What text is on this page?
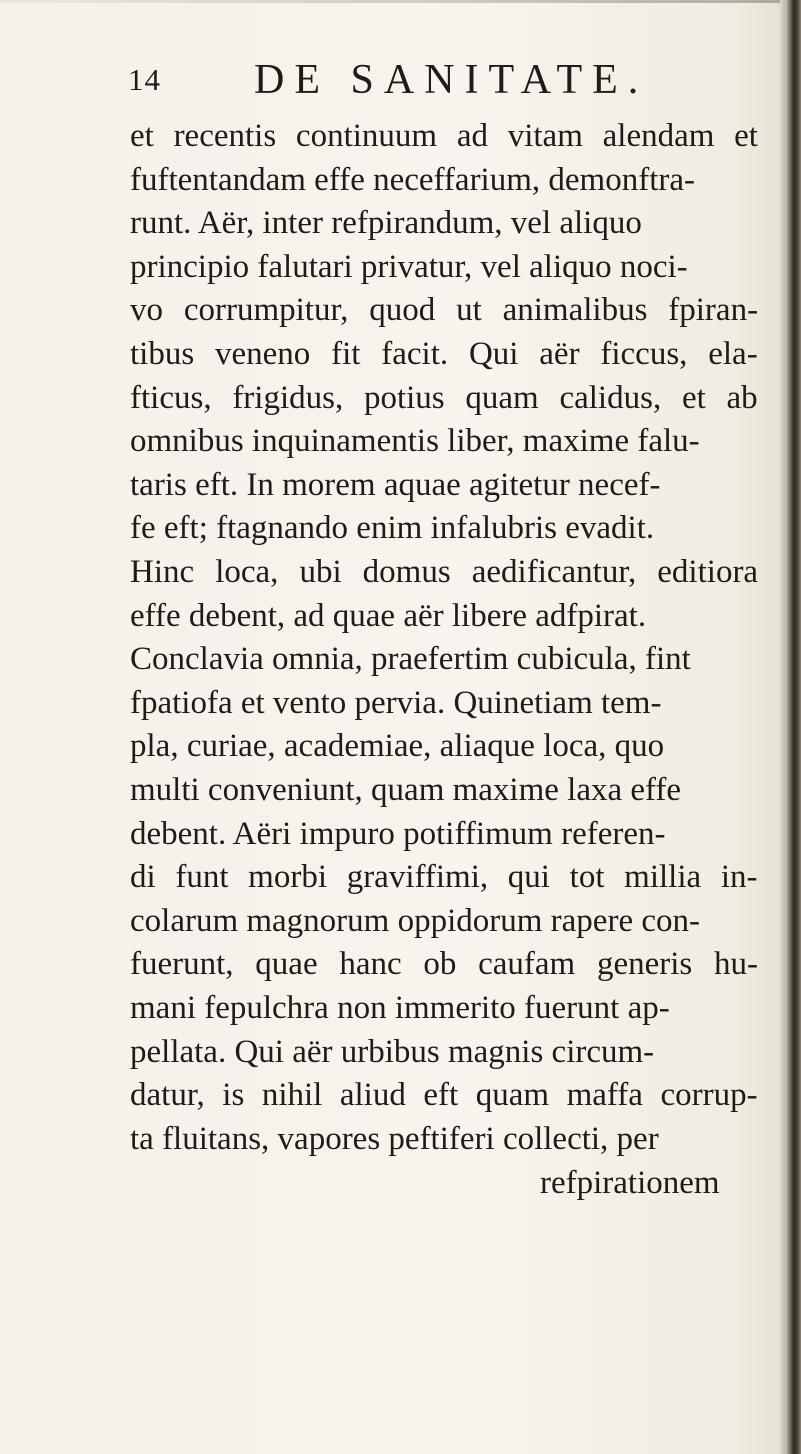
14 DE SANITATE.
et recentis continuum ad vitam alendam et
fuftentandam effe neceffarium, demonftra-
runt. Aër, inter refpirandum, vel aliquo
principio falutari privatur, vel aliquo noci-
vo corrumpitur, quod ut animalibus fpiran-
tibus veneno fit facit. Qui aër ficcus, ela-
fticus, frigidus, potius quam calidus, et ab
omnibus inquinamentis liber, maxime falu-
taris eft. In morem aquae agitetur necef-
fe eft; ftagnando enim infalubris evadit.
Hinc loca, ubi domus aedificantur, editiora
effe debent, ad quae aër libere adfpirat.
Conclavia omnia, praefertim cubicula, fint
fpatiofa et vento pervia. Quinetiam tem-
pla, curiae, academiae, aliaque loca, quo
multi conveniunt, quam maxime laxa effe
debent. Aëri impuro potiffimum referen-
di funt morbi graviffimi, qui tot millia in-
colarum magnorum oppidorum rapere con-
fuerunt, quae hanc ob caufam generis hu-
mani fepulchra non immerito fuerunt ap-
pellata. Qui aër urbibus magnis circum-
datur, is nihil aliud eft quam maffa corrup-
ta fluitans, vapores peftiferi collecti, per
refpirationem
